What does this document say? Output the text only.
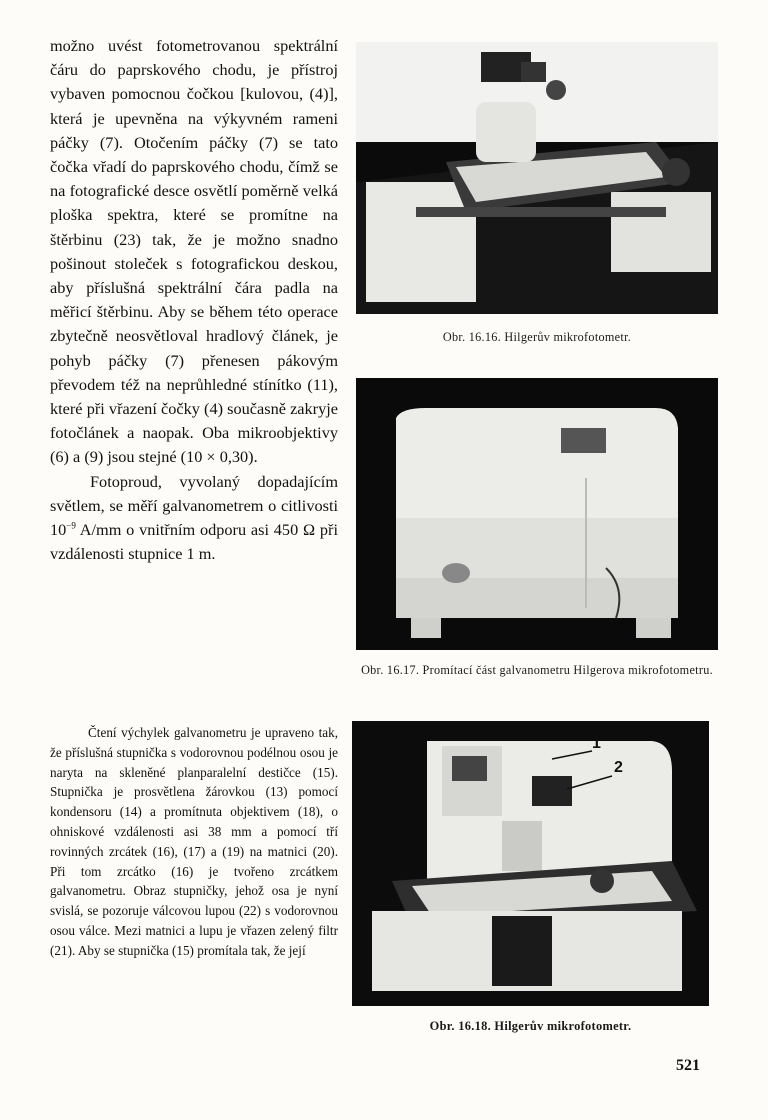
možno uvést fotometrovanou spektrální čáru do paprskového chodu, je přístroj vybaven pomocnou čočkou [kulovou, (4)], která je upevněna na výkyvném rameni páčky (7). Otočením páčky (7) se tato čočka vřadí do paprskového chodu, čímž se na fotografické desce osvětlí poměrně velká ploška spektra, které se promítne na štěrbinu (23) tak, že je možno snadno pošinout stoleček s fotografickou deskou, aby příslušná spektrální čára padla na měřicí štěrbinu. Aby se během této operace zbytečně neosvětloval hradlový článek, je pohyb páčky (7) přenesen pákovým převodem též na neprůhledné stínítko (11), které při vřazení čočky (4) současně zakryje fotočlánek a naopak. Oba mikroobjektivy (6) a (9) jsou stejné (10 × 0,30).

Fotoproud, vyvolaný dopadajícím světlem, se měří galvanometrem o citlivosti $10^{-9}$ A/mm o vnitřním odporu asi 450 Ω při vzdálenosti stupnice 1 m.

Čtení výchylek galvanometru je upraveno tak, že příslušná stupnička s vodorovnou podélnou osou je naryta na skleněné planparalelní destičce (15). Stupnička je prosvětlena žárovkou (13) pomocí kondensoru (14) a promítnuta objektivem (18), o ohniskové vzdálenosti asi 38 mm a pomocí tří rovinných zrcátek (16), (17) a (19) na matnici (20). Při tom zrcátko (16) je tvořeno zrcátkem galvanometru. Obraz stupničky, jehož osa je nyní svislá, se pozoruje válcovou lupou (22) s vodorovnou osou válce. Mezi matnici a lupu je vřazen zelený filtr (21). Aby se stupnička (15) promítala tak, že její

Obr. 16.16. Hilgerův mikrofotometr.
Obr. 16.17. Promítací část galvanometru Hilgerova mikrofotometru.
1
2
Obr. 16.18. Hilgerův mikrofotometr.
521
